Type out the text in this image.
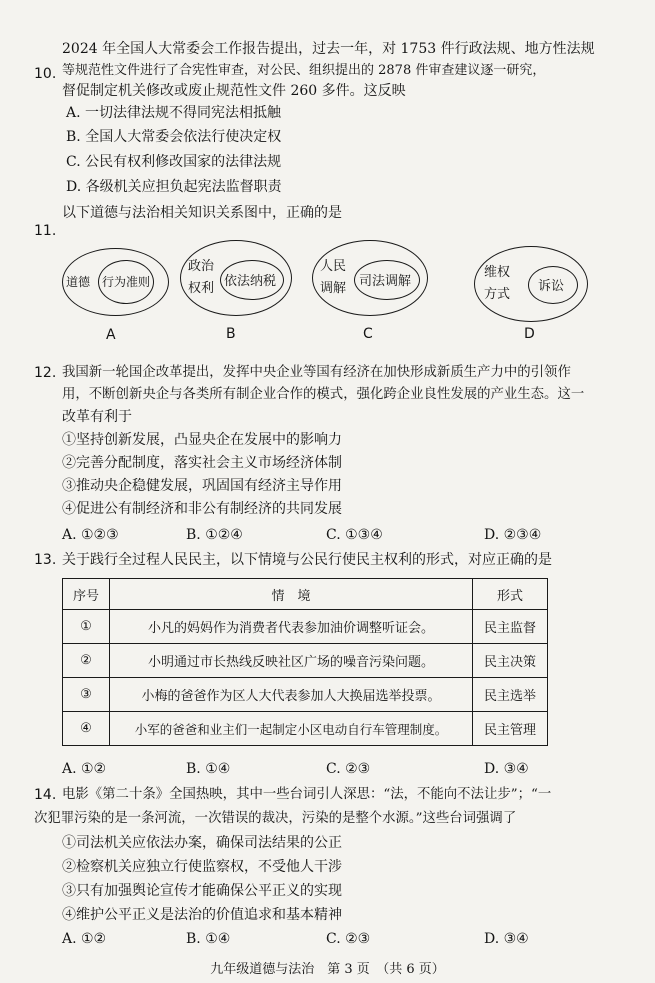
10.
2024 年全国人大常委会工作报告提出，过去一年，对 1753 件行政法规、地方性法规
等规范性文件进行了合宪性审查，对公民、组织提出的 2878 件审查建议逐一研究，
督促制定机关修改或废止规范性文件 260 多件。这反映
A. 一切法律法规不得同宪法相抵触
B. 全国人大常委会依法行使决定权
C. 公民有权利修改国家的法律法规
D. 各级机关应担负起宪法监督职责
11.
以下道德与法治相关知识关系图中，正确的是
道德 行为准则
A
政治权利 依法纳税
B
人民调解 司法调解
C
维权方式
诉讼
D
12. 我国新一轮国企改革提出，发挥中央企业等国有经济在加快形成新质生产力中的引领作
用，不断创新央企与各类所有制企业合作的模式，强化跨企业良性发展的产业生态。这一
改革有利于
①坚持创新发展，凸显央企在发展中的影响力
②完善分配制度，落实社会主义市场经济体制
③推动央企稳健发展，巩固国有经济主导作用
④促进公有制经济和非公有制经济的共同发展
A. ①②③	B. ①②④	C. ①③④	D. ②③④
13. 关于践行全过程人民民主，以下情境与公民行使民主权利的形式，对应正确的是
序号	情　境	形式
①	小凡的妈妈作为消费者代表参加油价调整听证会。	民主监督
②	小明通过市长热线反映社区广场的噪音污染问题。	民主决策
③	小梅的爸爸作为区人大代表参加人大换届选举投票。	民主选举
④	小军的爸爸和业主们一起制定小区电动自行车管理制度。	民主管理
A. ①②	B. ①④	C. ②③	D. ③④
14. 电影《第二十条》全国热映，其中一些台词引人深思：“法，不能向不法让步”；“一
次犯罪污染的是一条河流，一次错误的裁决，污染的是整个水源。”这些台词强调了
①司法机关应依法办案，确保司法结果的公正
②检察机关应独立行使监察权，不受他人干涉
③只有加强舆论宣传才能确保公平正义的实现
④维护公平正义是法治的价值追求和基本精神
A. ①②	B. ①④	C. ②③	D. ③④
九年级道德与法治　第 3 页　（共 6 页）
